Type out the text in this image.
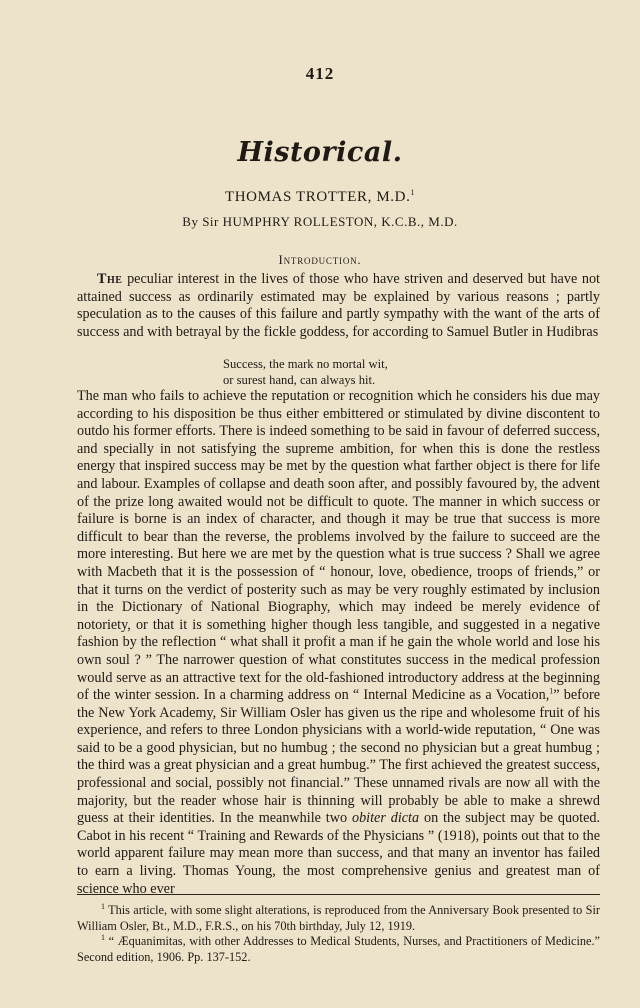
412
Historical.
THOMAS TROTTER, M.D.$^1$
By Sir HUMPHRY ROLLESTON, K.C.B., M.D.
Introduction.

The peculiar interest in the lives of those who have striven and deserved but have not attained success as ordinarily estimated may be explained by various reasons ; partly speculation as to the causes of this failure and partly sympathy with the want of the arts of success and with betrayal by the fickle goddess, for according to Samuel Butler in Hudibras

Success, the mark no mortal wit,
or surest hand, can always hit.

The man who fails to achieve the reputation or recognition which he considers his due may according to his disposition be thus either embittered or stimulated by divine discontent to outdo his former efforts. There is indeed something to be said in favour of deferred success, and specially in not satisfying the supreme ambition, for when this is done the restless energy that inspired success may be met by the question what farther object is there for life and labour. Examples of collapse and death soon after, and possibly favoured by, the advent of the prize long awaited would not be difficult to quote. The manner in which success or failure is borne is an index of character, and though it may be true that success is more difficult to bear than the reverse, the problems involved by the failure to succeed are the more interesting. But here we are met by the question what is true success ? Shall we agree with Macbeth that it is the possession of “ honour, love, obedience, troops of friends,” or that it turns on the verdict of posterity such as may be very roughly estimated by inclusion in the Dictionary of National Biography, which may indeed be merely evidence of notoriety, or that it is something higher though less tangible, and suggested in a negative fashion by the reflection “ what shall it profit a man if he gain the whole world and lose his own soul ? ” The narrower question of what constitutes success in the medical profession would serve as an attractive text for the old-fashioned introductory address at the beginning of the winter session. In a charming address on “ Internal Medicine as a Vocation,$^1$” before the New York Academy, Sir William Osler has given us the ripe and wholesome fruit of his experience, and refers to three London physicians with a world-wide reputation, “ One was said to be a good physician, but no humbug ; the second no physician but a great humbug ; the third was a great physician and a great humbug.” The first achieved the greatest success, professional and social, possibly not financial.” These unnamed rivals are now all with the majority, but the reader whose hair is thinning will probably be able to make a shrewd guess at their identities. In the meanwhile two obiter dicta on the subject may be quoted. Cabot in his recent “ Training and Rewards of the Physicians ” (1918), points out that to the world apparent failure may mean more than success, and that many an inventor has failed to earn a living. Thomas Young, the most comprehensive genius and greatest man of science who ever

$^1$ This article, with some slight alterations, is reproduced from the Anniversary Book presented to Sir William Osler, Bt., M.D., F.R.S., on his 70th birthday, July 12, 1919.

$^1$ “ Æquanimitas, with other Addresses to Medical Students, Nurses, and Practitioners of Medicine.” Second edition, 1906. Pp. 137-152.
